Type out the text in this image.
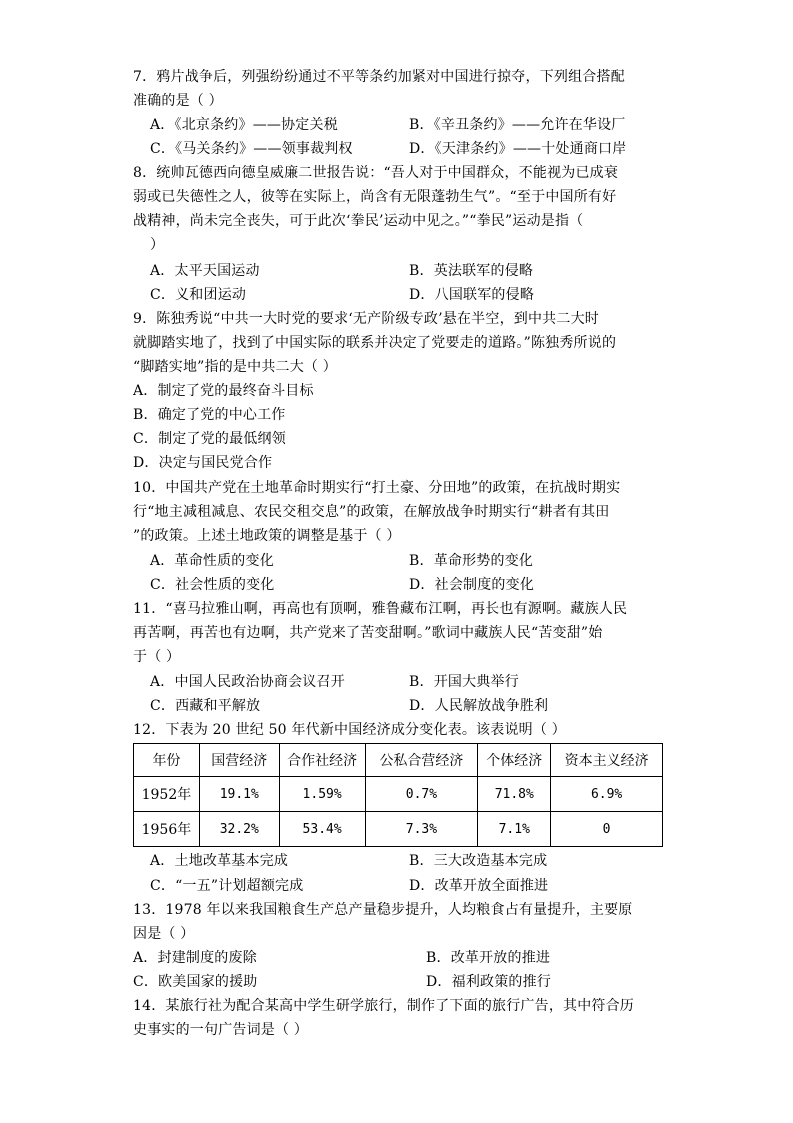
7．鸦片战争后，列强纷纷通过不平等条约加紧对中国进行掠夺，下列组合搭配
准确的是（ ）
A．《北京条约》——协定关税	B．《辛丑条约》——允许在华设厂
C．《马关条约》——领事裁判权	D．《天津条约》——十处通商口岸
8．统帅瓦德西向德皇威廉二世报告说：“吾人对于中国群众，不能视为已成衰
弱或已失德性之人，彼等在实际上，尚含有无限蓬勃生气”。“至于中国所有好
战精神，尚未完全丧失，可于此次‘拳民’运动中见之。”“拳民”运动是指（
）
A．太平天国运动	B．英法联军的侵略
C．义和团运动	D．八国联军的侵略
9．陈独秀说“中共一大时党的要求‘无产阶级专政’悬在半空，到中共二大时
就脚踏实地了，找到了中国实际的联系并决定了党要走的道路。”陈独秀所说的
“脚踏实地”指的是中共二大（ ）
A．制定了党的最终奋斗目标
B．确定了党的中心工作
C．制定了党的最低纲领
D．决定与国民党合作
10．中国共产党在土地革命时期实行“打土豪、分田地”的政策，在抗战时期实
行“地主减租减息、农民交租交息”的政策，在解放战争时期实行“耕者有其田
”的政策。上述土地政策的调整是基于（ ）
A．革命性质的变化	B．革命形势的变化
C．社会性质的变化	D．社会制度的变化
11．“喜马拉雅山啊，再高也有顶啊，雅鲁藏布江啊，再长也有源啊。藏族人民
再苦啊，再苦也有边啊，共产党来了苦变甜啊。”歌词中藏族人民“苦变甜”始
于（ ）
A．中国人民政治协商会议召开	B．开国大典举行
C．西藏和平解放	D．人民解放战争胜利
12．下表为 20 世纪 50 年代新中国经济成分变化表。该表说明（ ）
年份	国营经济	合作社经济	公私合营经济	个体经济	资本主义经济
1952年	19.1%	1.59%	0.7%	71.8%	6.9%
1956年	32.2%	53.4%	7.3%	7.1%	0
A．土地改革基本完成	B．三大改造基本完成
C．“一五”计划超额完成	D．改革开放全面推进
13．1978 年以来我国粮食生产总产量稳步提升，人均粮食占有量提升，主要原
因是（ ）
A．封建制度的废除	B．改革开放的推进
C．欧美国家的援助	D．福利政策的推行
14．某旅行社为配合某高中学生研学旅行，制作了下面的旅行广告，其中符合历
史事实的一句广告词是（ ）
